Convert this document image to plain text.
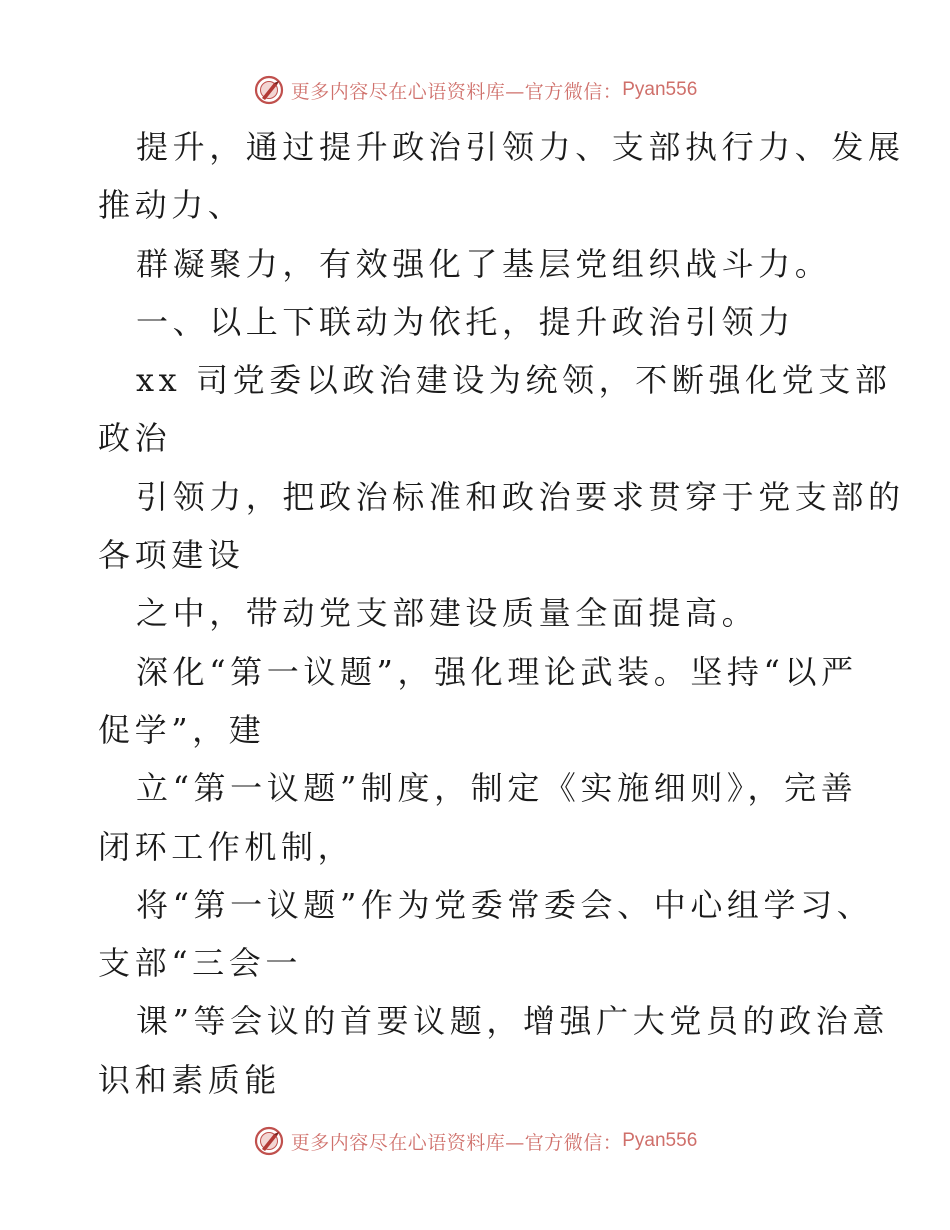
更多内容尽在心语资料库—官方微信： Pyan556
提升，通过提升政治引领力、支部执行力、发展
推动力、
群凝聚力，有效强化了基层党组织战斗力。
一、以上下联动为依托，提升政治引领力
xx 司党委以政治建设为统领，不断强化党支部
政治
引领力，把政治标准和政治要求贯穿于党支部的
各项建设
之中，带动党支部建设质量全面提高。
深化“第一议题”，强化理论武装。坚持“以严
促学”，建
立“第一议题”制度，制定《实施细则》，完善
闭环工作机制，
将“第一议题”作为党委常委会、中心组学习、
支部“三会一
课”等会议的首要议题，增强广大党员的政治意
识和素质能
更多内容尽在心语资料库—官方微信： Pyan556
